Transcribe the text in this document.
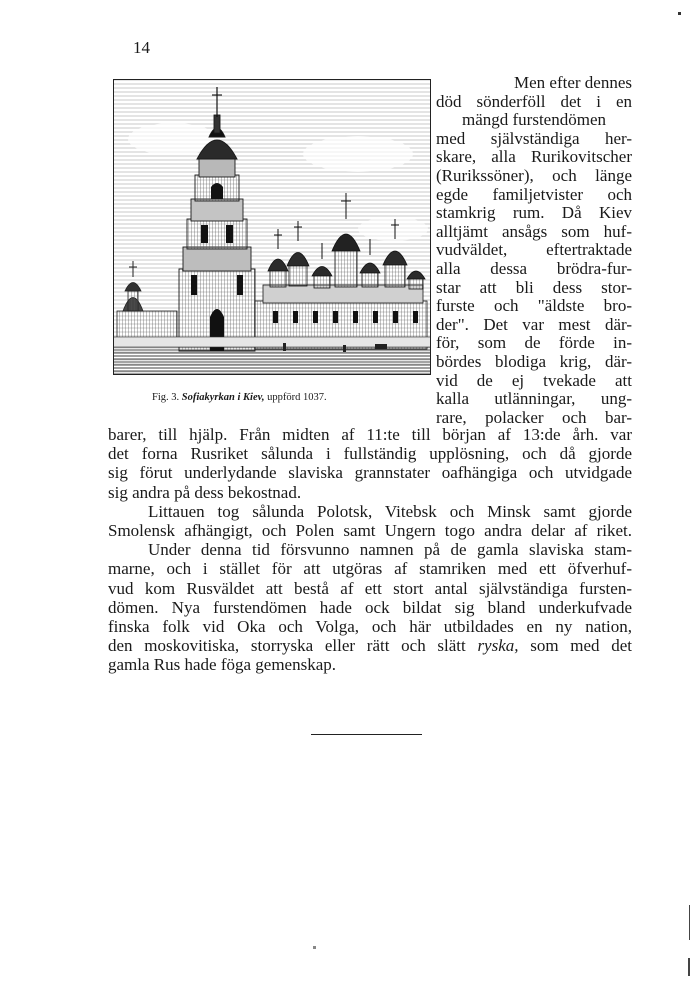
14
Fig. 3. Sofiakyrkan i Kiev, uppförd 1037.
Men efter dennes
död sönderföll det i en
mängd furstendömen
med självständiga her-
skare, alla Rurikovitscher
(Rurikssöner), och länge
egde familjetvister och
stamkrig rum. Då Kiev
alltjämt ansågs som huf-
vudväldet, eftertraktade
alla dessa brödra-fur-
star att bli dess stor-
furste och "äldste bro-
der". Det var mest där-
för, som de förde in-
bördes blodiga krig, där-
vid de ej tvekade att
kalla utlänningar, ung-
rare, polacker och bar-
barer, till hjälp. Från midten af 11:te till början af 13:de årh. var
det forna Rusriket sålunda i fullständig upplösning, och då gjorde
sig förut underlydande slaviska grannstater oafhängiga och utvidgade
sig andra på dess bekostnad.
Littauen tog sålunda Polotsk, Vitebsk och Minsk samt gjorde
Smolensk afhängigt, och Polen samt Ungern togo andra delar af riket.
Under denna tid försvunno namnen på de gamla slaviska stam-
marne, och i stället för att utgöras af stamriken med ett öfverhuf-
vud kom Rusväldet att bestå af ett stort antal självständiga fursten-
dömen. Nya furstendömen hade ock bildat sig bland underkufvade
finska folk vid Oka och Volga, och här utbildades en ny nation,
den moskovitiska, storryska eller rätt och slätt ryska, som med det
gamla Rus hade föga gemenskap.
